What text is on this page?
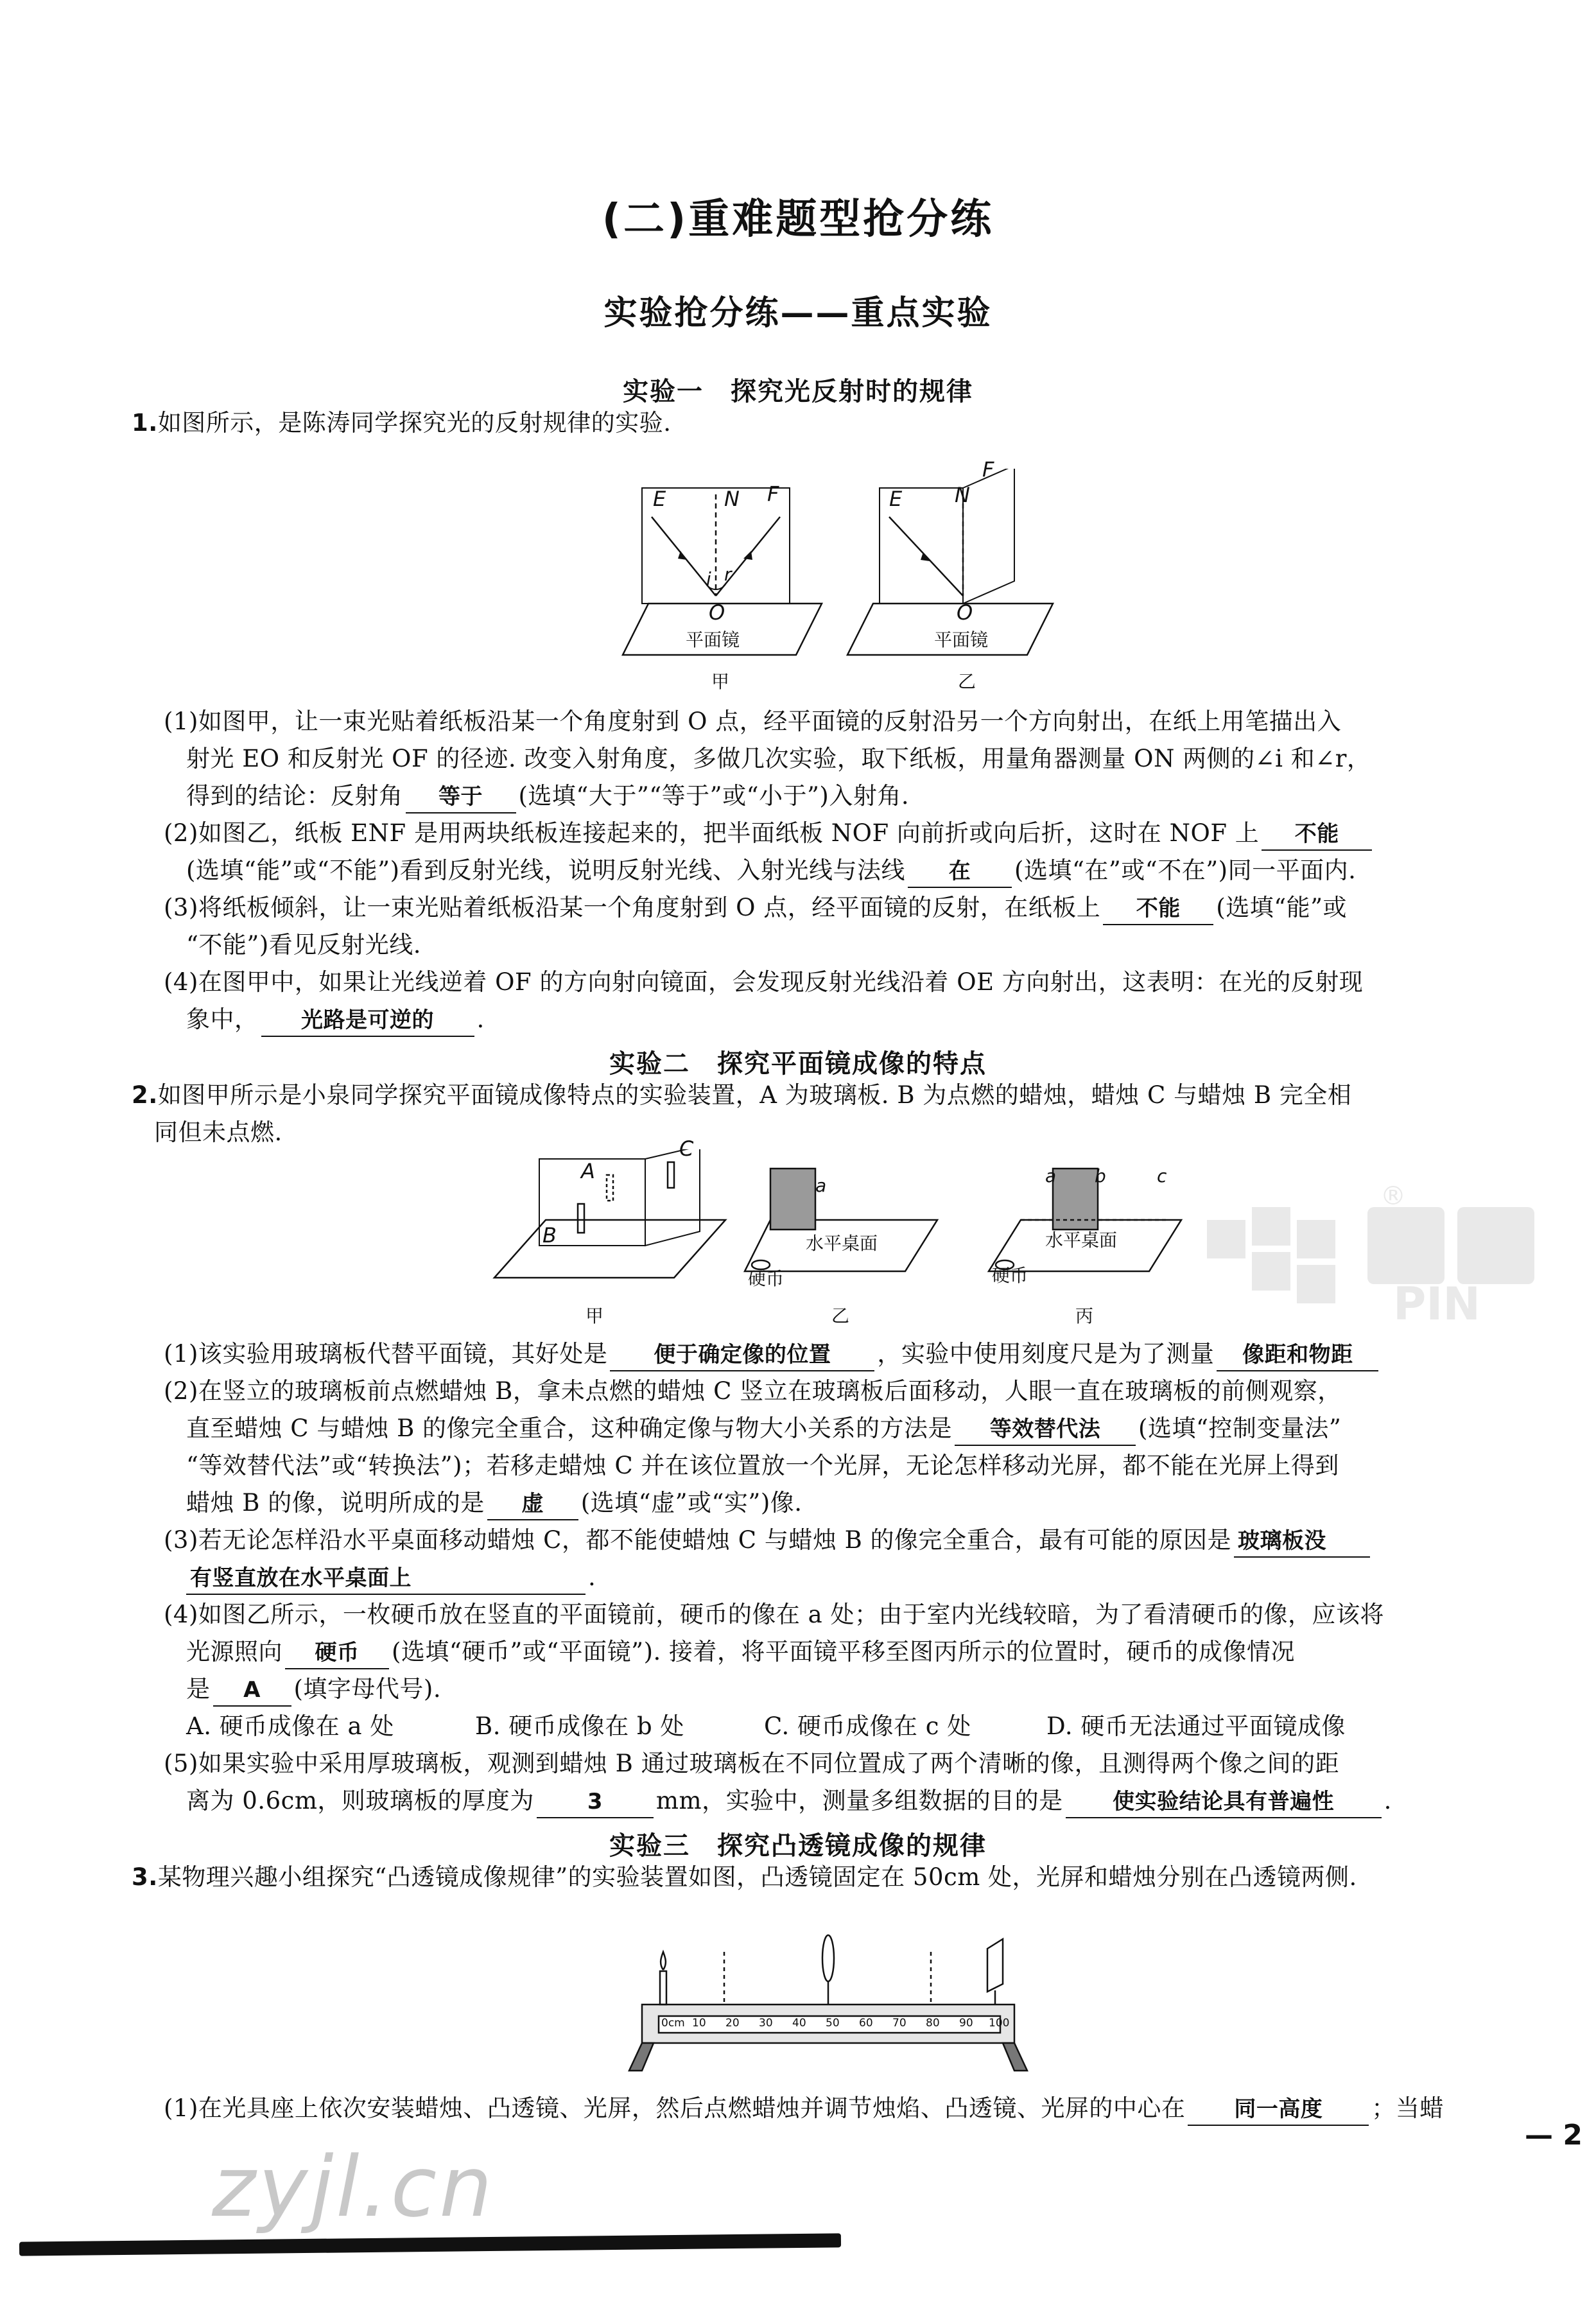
(二)重难题型抢分练
实验抢分练——重点实验
实验一　探究光反射时的规律
1.如图所示，是陈涛同学探究光的反射规律的实验.
E	N F
i r
O
平面镜
甲
E	N
F
O
平面镜
乙
(1)如图甲，让一束光贴着纸板沿某一个角度射到 O 点，经平面镜的反射沿另一个方向射出，在纸上用笔描出入
射光 EO 和反射光 OF 的径迹. 改变入射角度，多做几次实验，取下纸板，用量角器测量 ON 两侧的∠i 和∠r，
得到的结论：反射角 等于 (选填“大于”“等于”或“小于”)入射角.
(2)如图乙，纸板 ENF 是用两块纸板连接起来的，把半面纸板 NOF 向前折或向后折，这时在 NOF 上 不能
(选填“能”或“不能”)看到反射光线，说明反射光线、入射光线与法线 在 (选填“在”或“不在”)同一平面内.
(3)将纸板倾斜，让一束光贴着纸板沿某一个角度射到 O 点，经平面镜的反射，在纸板上 不能 (选填“能”或
“不能”)看见反射光线.
(4)在图甲中，如果让光线逆着 OF 的方向射向镜面，会发现反射光线沿着 OE 方向射出，这表明：在光的反射现
象中， 光路是可逆的 .
实验二　探究平面镜成像的特点
2.如图甲所示是小泉同学探究平面镜成像特点的实验装置，A 为玻璃板. B 为点燃的蜡烛，蜡烛 C 与蜡烛 B 完全相
同但未点燃.
A
B
C
水平桌面
硬币
a	a b	c
水平桌面
硬币
甲	乙	丙
(1)该实验用玻璃板代替平面镜，其好处是 便于确定像的位置 ，实验中使用刻度尺是为了测量 像距和物距
(2)在竖立的玻璃板前点燃蜡烛 B，拿未点燃的蜡烛 C 竖立在玻璃板后面移动，人眼一直在玻璃板的前侧观察，
直至蜡烛 C 与蜡烛 B 的像完全重合，这种确定像与物大小关系的方法是 等效替代法 (选填“控制变量法”
“等效替代法”或“转换法”)；若移走蜡烛 C 并在该位置放一个光屏，无论怎样移动光屏，都不能在光屏上得到
蜡烛 B 的像，说明所成的是 虚 (选填“虚”或“实”)像.
(3)若无论怎样沿水平桌面移动蜡烛 C，都不能使蜡烛 C 与蜡烛 B 的像完全重合，最有可能的原因是 玻璃板没
有竖直放在水平桌面上	.
(4)如图乙所示，一枚硬币放在竖直的平面镜前，硬币的像在 a 处；由于室内光线较暗，为了看清硬币的像，应该将
光源照向 硬币 (选填“硬币”或“平面镜”). 接着，将平面镜平移至图丙所示的位置时，硬币的成像情况
是 A (填字母代号).
A. 硬币成像在 a 处	B. 硬币成像在 b 处	C. 硬币成像在 c 处	D. 硬币无法通过平面镜成像
(5)如果实验中采用厚玻璃板，观测到蜡烛 B 通过玻璃板在不同位置成了两个清晰的像，且测得两个像之间的距
离为 0.6cm，则玻璃板的厚度为 3 mm，实验中，测量多组数据的目的是 使实验结论具有普遍性 .
实验三　探究凸透镜成像的规律
3.某物理兴趣小组探究“凸透镜成像规律”的实验装置如图，凸透镜固定在 50cm 处，光屏和蜡烛分别在凸透镜两侧.
0cm 10 20 30 40 50 60 70 80 90 100
(1)在光具座上依次安装蜡烛、凸透镜、光屏，然后点燃蜡烛并调节烛焰、凸透镜、光屏的中心在 同一高度 ；当蜡
— 2
zyjl.cn
PIN
®
